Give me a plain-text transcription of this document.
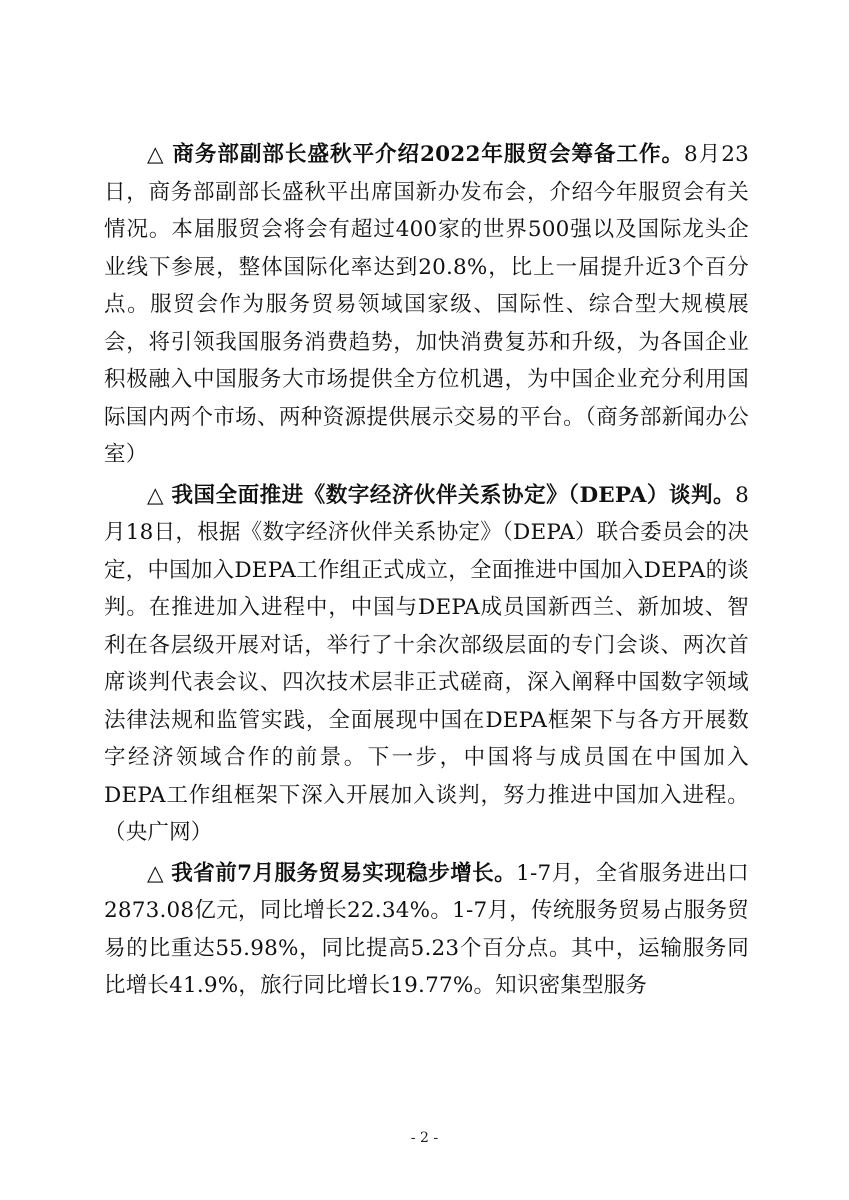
△ 商务部副部长盛秋平介绍2022年服贸会筹备工作。8月23日，商务部副部长盛秋平出席国新办发布会，介绍今年服贸会有关情况。本届服贸会将会有超过400家的世界500强以及国际龙头企业线下参展，整体国际化率达到20.8%，比上一届提升近3个百分点。服贸会作为服务贸易领域国家级、国际性、综合型大规模展会，将引领我国服务消费趋势，加快消费复苏和升级，为各国企业积极融入中国服务大市场提供全方位机遇，为中国企业充分利用国际国内两个市场、两种资源提供展示交易的平台。（商务部新闻办公室）

△ 我国全面推进《数字经济伙伴关系协定》（DEPA）谈判。8月18日，根据《数字经济伙伴关系协定》（DEPA）联合委员会的决定，中国加入DEPA工作组正式成立，全面推进中国加入DEPA的谈判。在推进加入进程中，中国与DEPA成员国新西兰、新加坡、智利在各层级开展对话，举行了十余次部级层面的专门会谈、两次首席谈判代表会议、四次技术层非正式磋商，深入阐释中国数字领域法律法规和监管实践，全面展现中国在DEPA框架下与各方开展数字经济领域合作的前景。下一步，中国将与成员国在中国加入DEPA工作组框架下深入开展加入谈判，努力推进中国加入进程。（央广网）

△ 我省前7月服务贸易实现稳步增长。1-7月，全省服务进出口2873.08亿元，同比增长22.34%。1-7月，传统服务贸易占服务贸易的比重达55.98%，同比提高5.23个百分点。其中，运输服务同比增长41.9%，旅行同比增长19.77%。知识密集型服务

- 2 -
